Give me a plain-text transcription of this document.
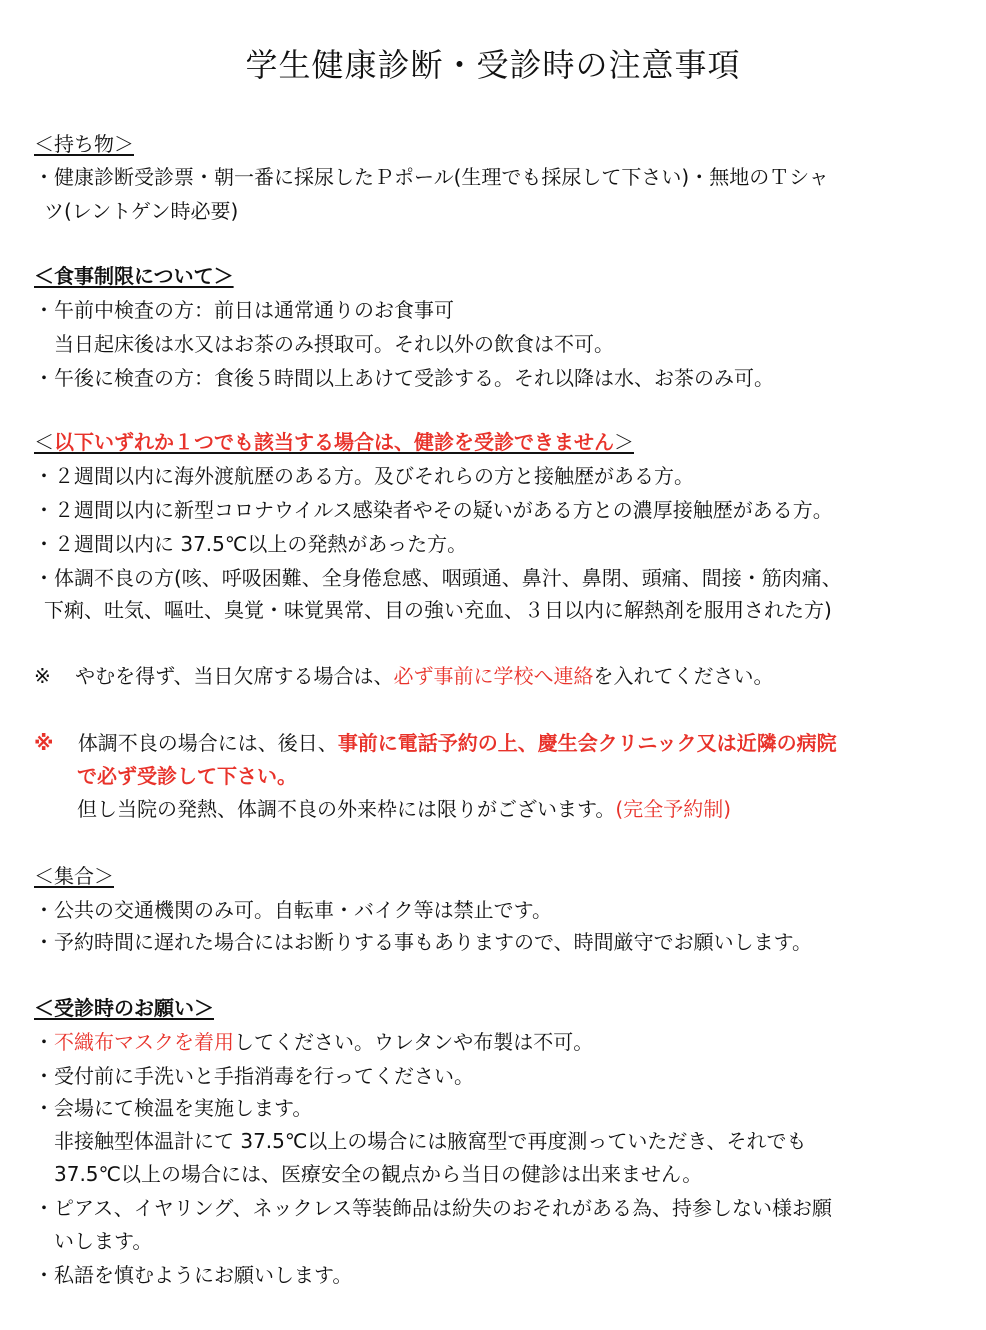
学生健康診断・受診時の注意事項
＜持ち物＞
・健康診断受診票・朝一番に採尿したＰポール(生理でも採尿して下さい)・無地のＴシャ
ツ(レントゲン時必要)
＜食事制限について＞
・午前中検査の方：前日は通常通りのお食事可
当日起床後は水又はお茶のみ摂取可。それ以外の飲食は不可。
・午後に検査の方：食後５時間以上あけて受診する。それ以降は水、お茶のみ可。
＜以下いずれか１つでも該当する場合は、健診を受診できません＞
・２週間以内に海外渡航歴のある方。及びそれらの方と接触歴がある方。
・２週間以内に新型コロナウイルス感染者やその疑いがある方との濃厚接触歴がある方。
・２週間以内に 37.5℃以上の発熱があった方。
・体調不良の方(咳、呼吸困難、全身倦怠感、咽頭通、鼻汁、鼻閉、頭痛、間接・筋肉痛、
下痢、吐気、嘔吐、臭覚・味覚異常、目の強い充血、３日以内に解熱剤を服用された方)
※ やむを得ず、当日欠席する場合は、必ず事前に学校へ連絡を入れてください。
※ 体調不良の場合には、後日、事前に電話予約の上、慶生会クリニック又は近隣の病院
で必ず受診して下さい。
但し当院の発熱、体調不良の外来枠には限りがございます。(完全予約制)
＜集合＞
・公共の交通機関のみ可。自転車・バイク等は禁止です。
・予約時間に遅れた場合にはお断りする事もありますので、時間厳守でお願いします。
＜受診時のお願い＞
・不織布マスクを着用してください。ウレタンや布製は不可。
・受付前に手洗いと手指消毒を行ってください。
・会場にて検温を実施します。
非接触型体温計にて 37.5℃以上の場合には腋窩型で再度測っていただき、それでも
37.5℃以上の場合には、医療安全の観点から当日の健診は出来ません。
・ピアス、イヤリング、ネックレス等装飾品は紛失のおそれがある為、持参しない様お願
いします。
・私語を慎むようにお願いします。
